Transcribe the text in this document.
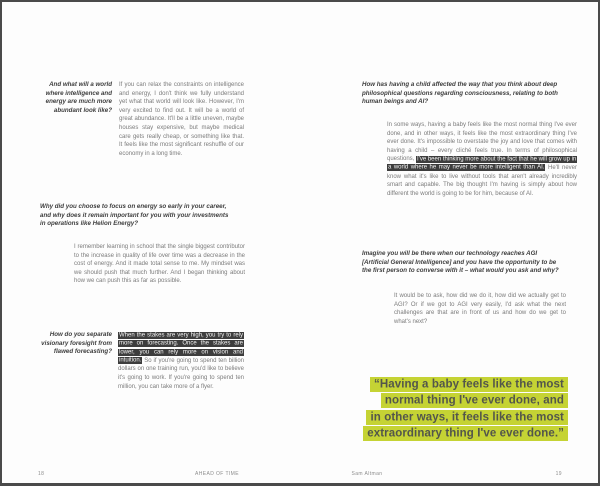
And what will a world where intelligence and energy are much more abundant look like?
If you can relax the constraints on intelligence and energy, I don't think we fully understand yet what that world will look like. However, I'm very excited to find out. It will be a world of great abundance. It'll be a little uneven, maybe houses stay expensive, but maybe medical care gets really cheap, or something like that. It feels like the most significant reshuffle of our economy in a long time.
Why did you choose to focus on energy so early in your career, and why does it remain important for you with your investments in operations like Helion Energy?
I remember learning in school that the single biggest contributor to the increase in quality of life over time was a decrease in the cost of energy. And it made total sense to me. My mindset was we should push that much further. And I began thinking about how we can push this as far as possible.
How do you separate visionary foresight from flawed forecasting?
When the stakes are very high, you try to rely more on forecasting. Once the stakes are lower, you can rely more on vision and intuition. So if you're going to spend ten billion dollars on one training run, you'd like to believe it's going to work. If you're going to spend ten million, you can take more of a flyer.
18	AHEAD OF TIME
How has having a child affected the way that you think about deep philosophical questions regarding consciousness, relating to both human beings and AI?
In some ways, having a baby feels like the most normal thing I've ever done, and in other ways, it feels like the most extraordinary thing I've ever done. It's impossible to overstate the joy and love that comes with having a child – every cliché feels true. In terms of philosophical questions, I've been thinking more about the fact that he will grow up in a world where he may never be more intelligent than AI. He'll never know what it's like to live without tools that aren't already incredibly smart and capable. The big thought I'm having is simply about how different the world is going to be for him, because of AI.
Imagine you will be there when our technology reaches AGI [Artificial General Intelligence] and you have the opportunity to be the first person to converse with it – what would you ask and why?
It would be to ask, how did we do it, how did we actually get to AGI? Or if we got to AGI very easily, I'd ask what the next challenges are that are in front of us and how do we get to what's next?
“Having a baby feels like the most
normal thing I've ever done, and
in other ways, it feels like the most
extraordinary thing I've ever done.”
Sam Altman	19
